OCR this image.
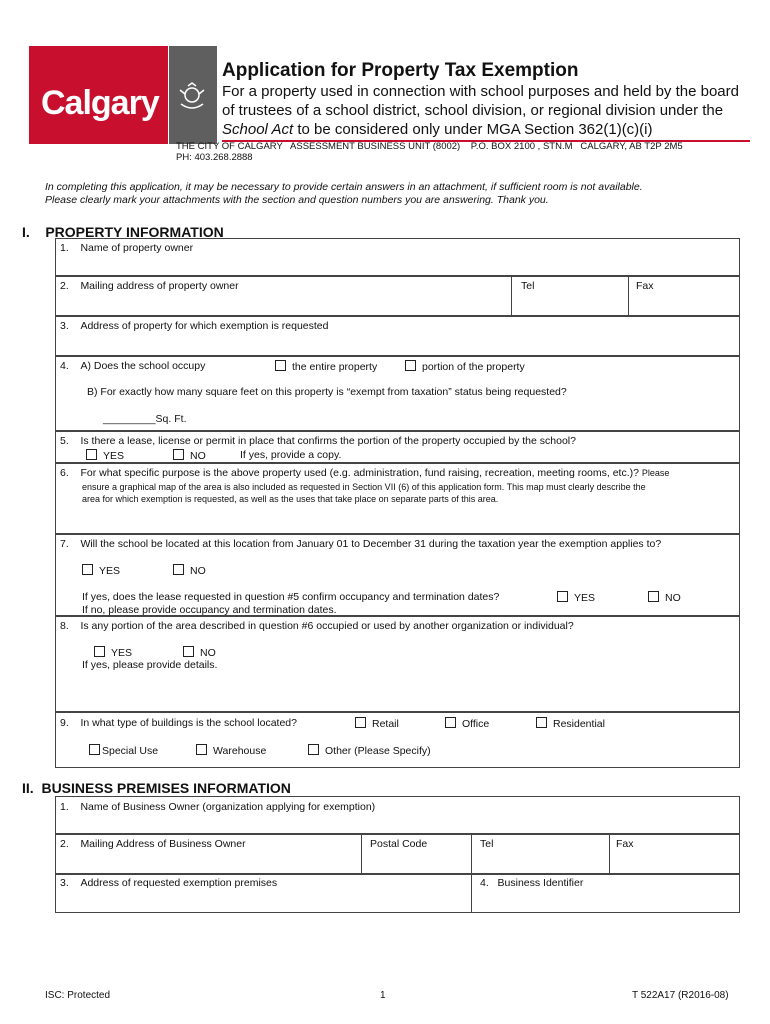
Calgary
Application for Property Tax Exemption
For a property used in connection with school purposes and held by the board of trustees of a school district, school division, or regional division under the School Act to be considered only under MGA Section 362(1)(c)(i)
THE CITY OF CALGARY   ASSESSMENT BUSINESS UNIT (8002)    P.O. BOX 2100 , STN.M   CALGARY, AB T2P 2M5
PH: 403.268.2888
In completing this application, it may be necessary to provide certain answers in an attachment, if sufficient room is not available.
Please clearly mark your attachments with the section and question numbers you are answering. Thank you.
I. PROPERTY INFORMATION
1. Name of property owner
2. Mailing address of property owner	Tel	Fax
3. Address of property for which exemption is requested
4. A) Does the school occupy	the entire property	portion of the property
B) For exactly how many square feet on this property is “exempt from taxation” status being requested?
_________Sq. Ft.
5. Is there a lease, license or permit in place that confirms the portion of the property occupied by the school?
YES	NO	If yes, provide a copy.
6. For what specific purpose is the above property used (e.g. administration, fund raising, recreation, meeting rooms, etc.)? Please
ensure a graphical map of the area is also included as requested in Section VII (6) of this application form. This map must clearly describe the
area for which exemption is requested, as well as the uses that take place on separate parts of this area.
7. Will the school be located at this location from January 01 to December 31 during the taxation year the exemption applies to?
YES	NO
If yes, does the lease requested in question #5 confirm occupancy and termination dates?	YES	NO
If no, please provide occupancy and termination dates.
8. Is any portion of the area described in question #6 occupied or used by another organization or individual?
YES	NO
If yes, please provide details.
9. In what type of buildings is the school located?	Retail	Office	Residential
Special Use	Warehouse	Other (Please Specify)
II. BUSINESS PREMISES INFORMATION
1. Name of Business Owner (organization applying for exemption)
2. Mailing Address of Business Owner	Postal Code	Tel	Fax
3. Address of requested exemption premises	4. Business Identifier
ISC: Protected	1	T 522A17 (R2016-08)
